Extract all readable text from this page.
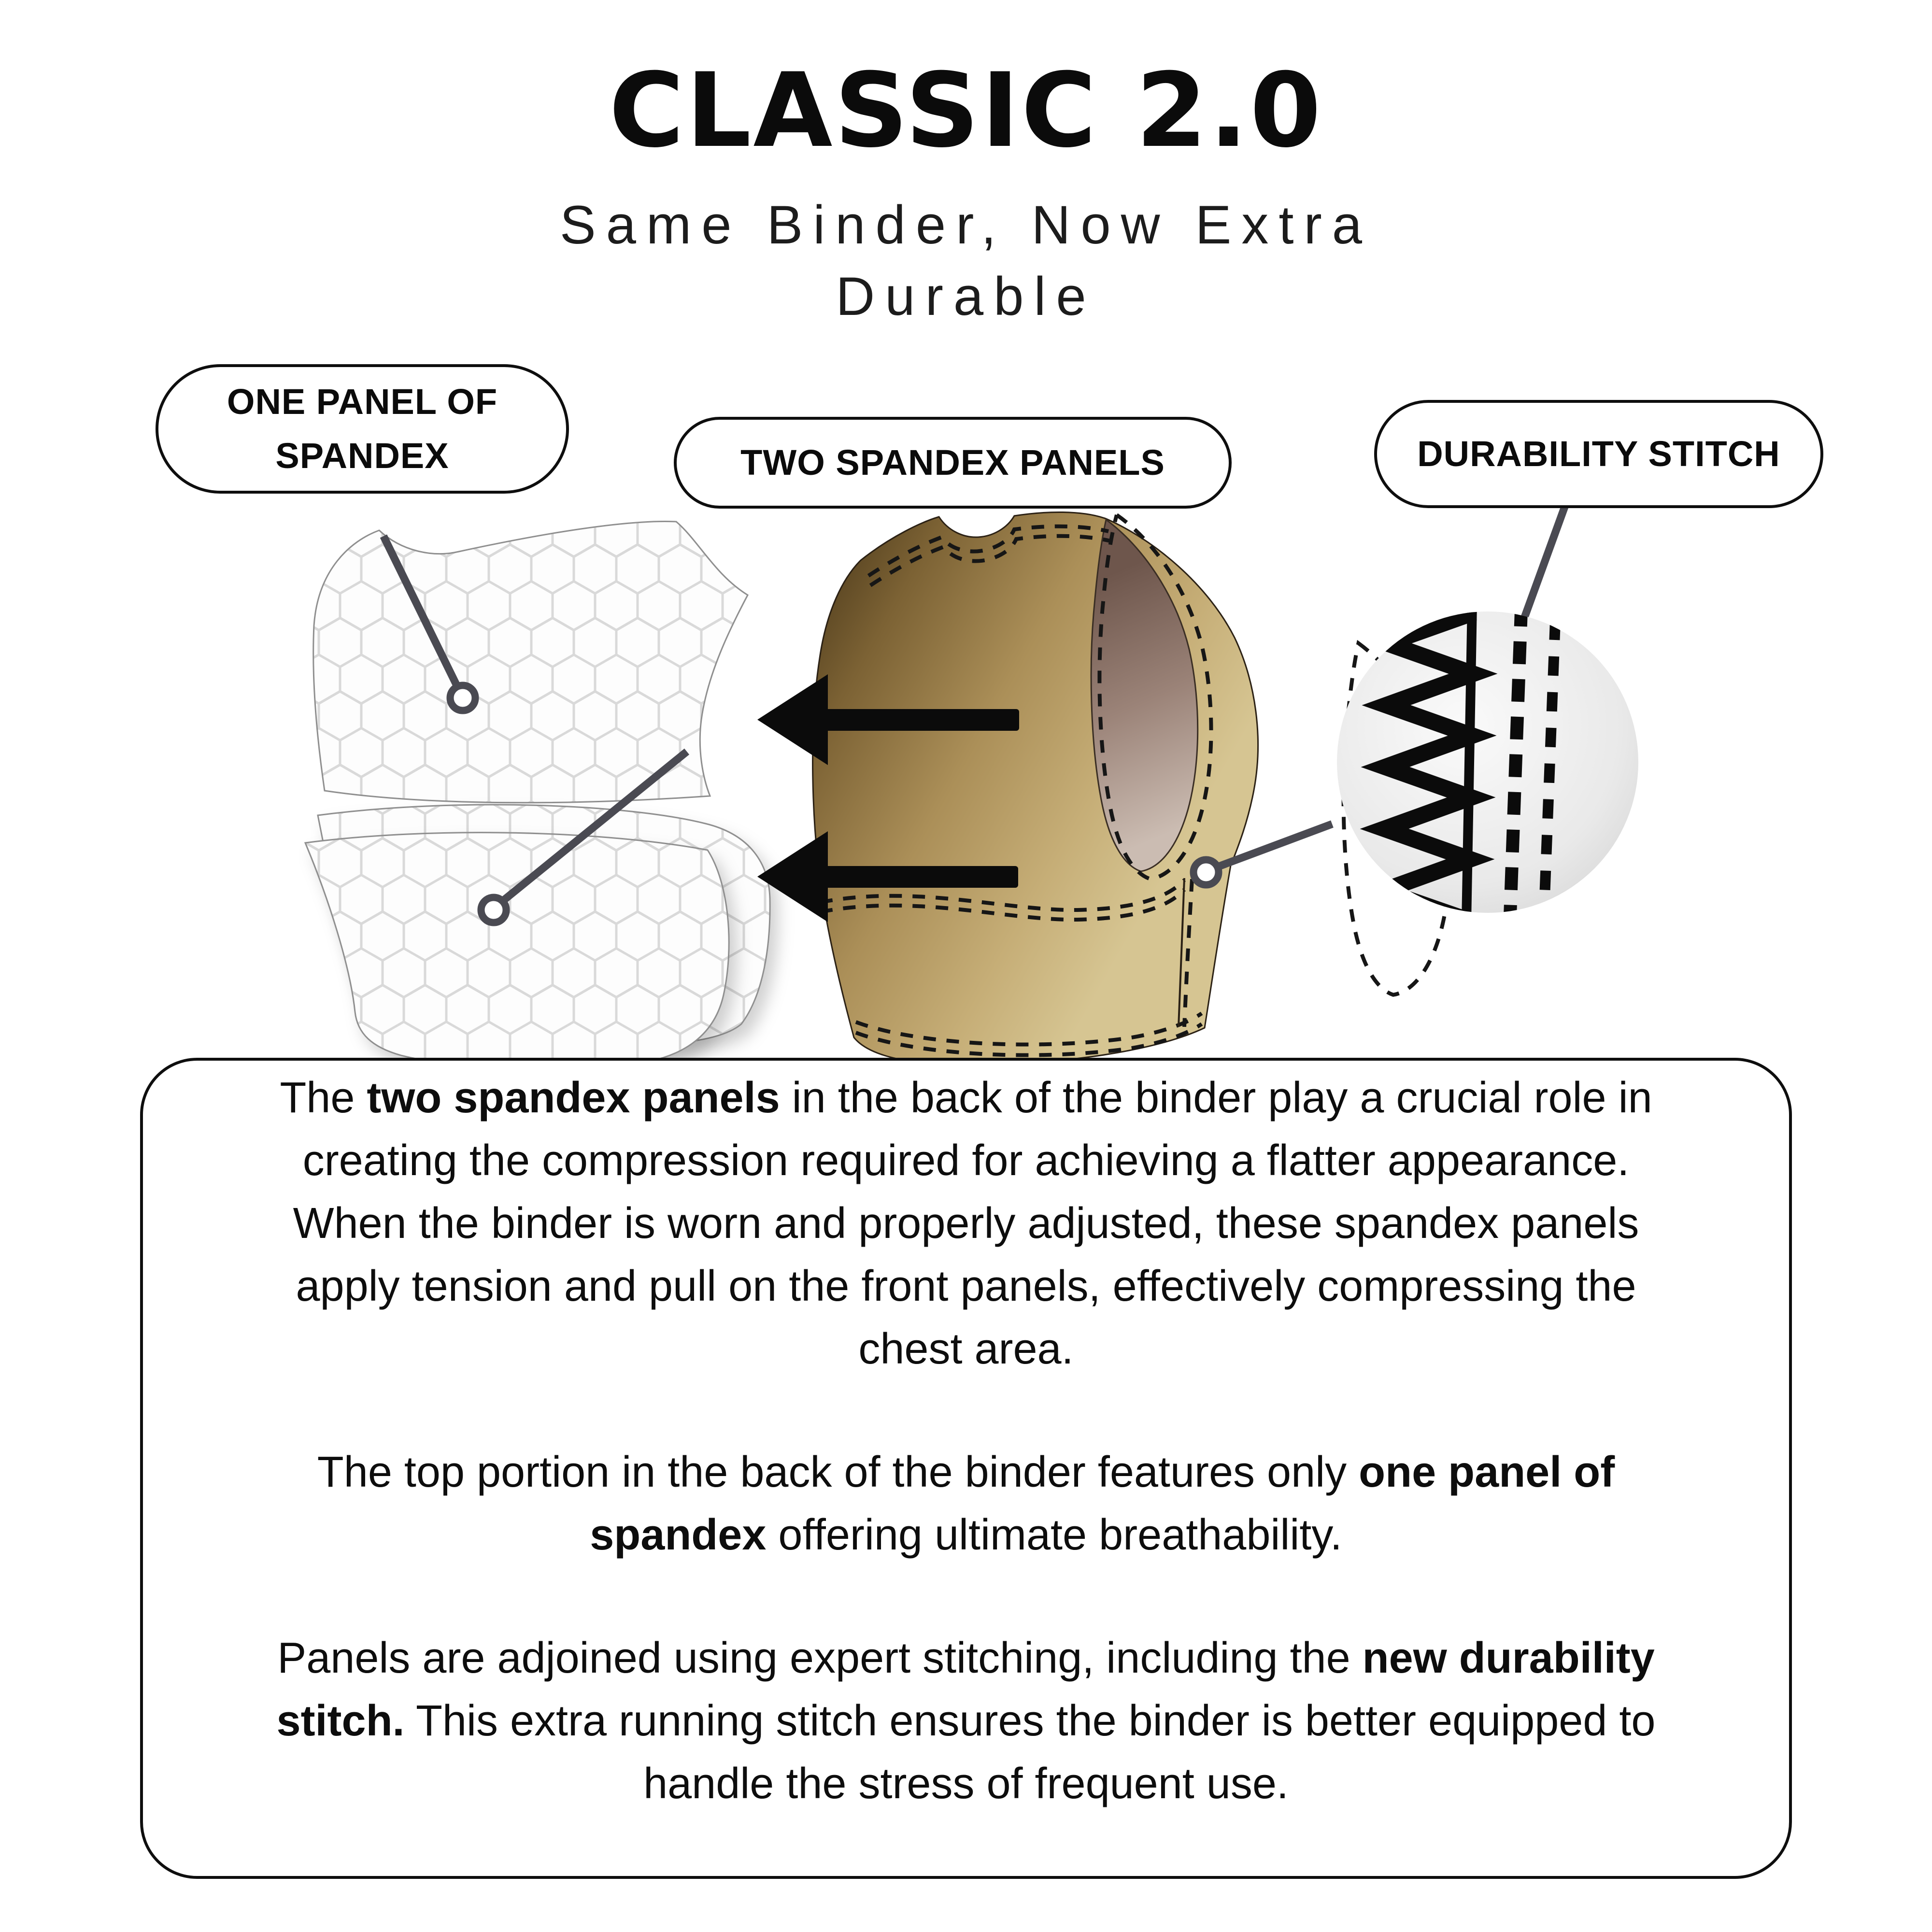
CLASSIC 2.0
Same Binder, Now Extra Durable
ONE PANEL OF SPANDEX	TWO SPANDEX PANELS	DURABILITY STITCH
The two spandex panels in the back of the binder play a crucial role in
creating the compression required for achieving a flatter appearance.
When the binder is worn and properly adjusted, these spandex panels
apply tension and pull on the front panels, effectively compressing the
chest area.
The top portion in the back of the binder features only one panel of
spandex offering ultimate breathability.
Panels are adjoined using expert stitching, including the new durability
stitch. This extra running stitch ensures the binder is better equipped to
handle the stress of frequent use.
